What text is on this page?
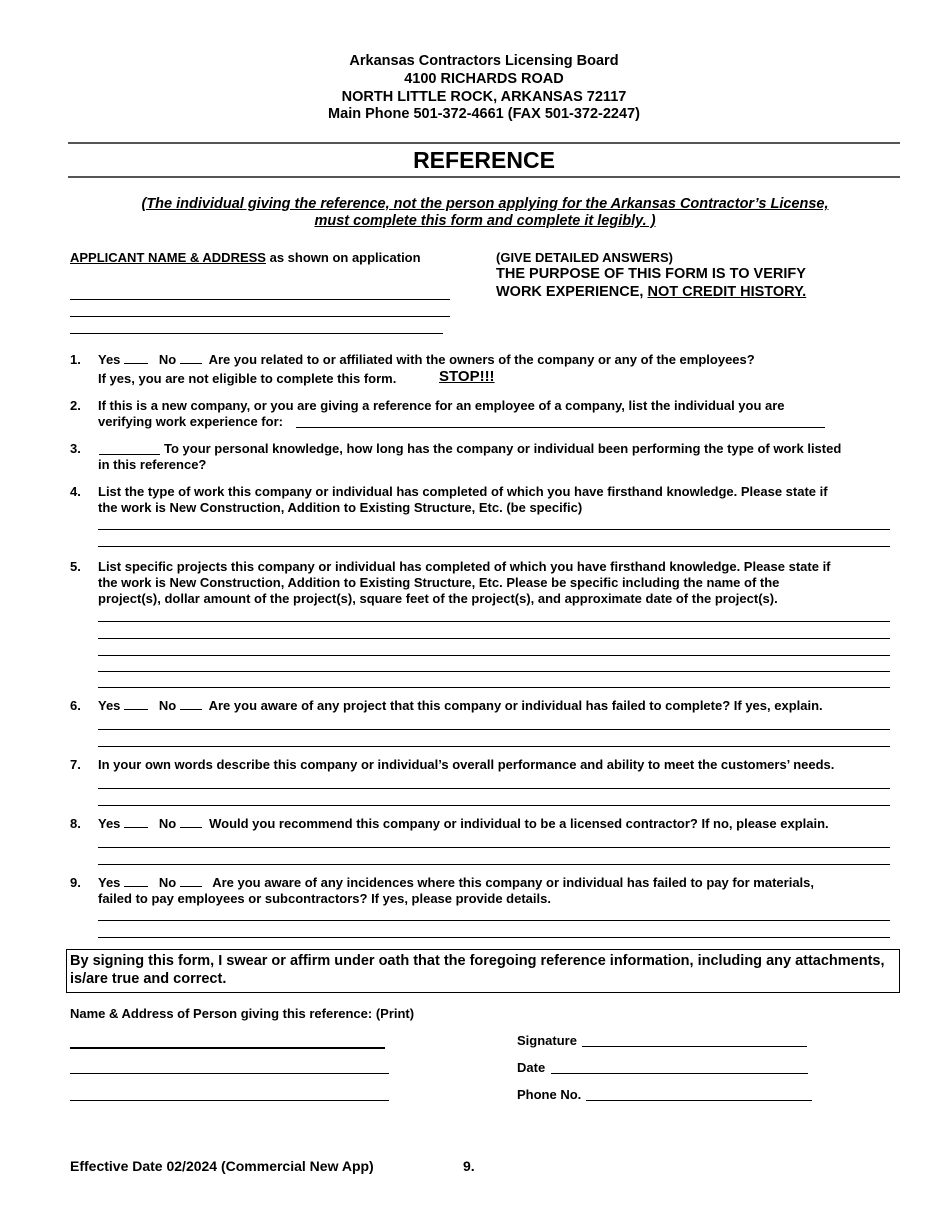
Arkansas Contractors Licensing Board
4100 RICHARDS ROAD
NORTH LITTLE ROCK, ARKANSAS 72117
Main Phone 501-372-4661 (FAX 501-372-2247)
REFERENCE
(The individual giving the reference, not the person applying for the Arkansas Contractor’s License,
must complete this form and complete it legibly. )
APPLICANT NAME & ADDRESS as shown on application	(GIVE DETAILED ANSWERS)
THE PURPOSE OF THIS FORM IS TO VERIFY
WORK EXPERIENCE, NOT CREDIT HISTORY.
1. Yes	No Are you related to or affiliated with the owners of the company or any of the employees?
If yes, you are not eligible to complete this form.	STOP!!!
2. If this is a new company, or you are giving a reference for an employee of a company, list the individual you are
verifying work experience for:
3.	To your personal knowledge, how long has the company or individual been performing the type of work listed
in this reference?
4. List the type of work this company or individual has completed of which you have firsthand knowledge. Please state if
the work is New Construction, Addition to Existing Structure, Etc. (be specific)
5. List specific projects this company or individual has completed of which you have firsthand knowledge. Please state if
the work is New Construction, Addition to Existing Structure, Etc. Please be specific including the name of the
project(s), dollar amount of the project(s), square feet of the project(s), and approximate date of the project(s).
6. Yes	No Are you aware of any project that this company or individual has failed to complete? If yes, explain.
7. In your own words describe this company or individual’s overall performance and ability to meet the customers’ needs.
8. Yes	No	Would you recommend this company or individual to be a licensed contractor? If no, please explain.
9. Yes	No	Are you aware of any incidences where this company or individual has failed to pay for materials,
failed to pay employees or subcontractors? If yes, please provide details.
By signing this form, I swear or affirm under oath that the foregoing reference information, including any attachments, is/are true and correct.
Name & Address of Person giving this reference: (Print)
Signature
Date
Phone No.
Effective Date 02/2024 (Commercial New App)	9.
